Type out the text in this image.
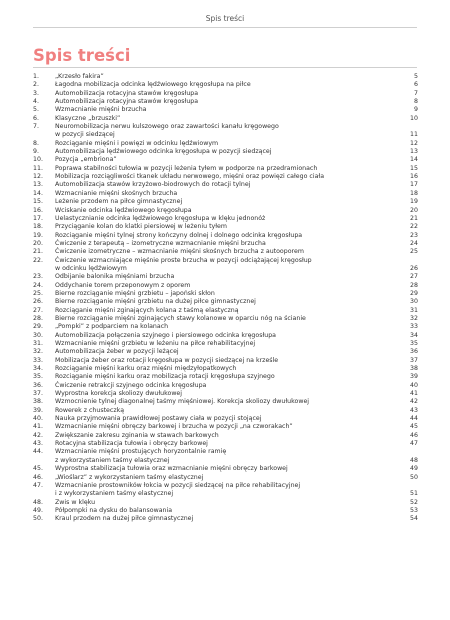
Spis treści
Spis treści
1.	„Krzesło fakira”	5
2.	Łagodna mobilizacja odcinka lędźwiowego kręgosłupa na piłce	6
3.	Automobilizacja rotacyjna stawów kręgosłupa	7
4.	Automobilizacja rotacyjna stawów kręgosłupa	8
5.	Wzmacnianie mięśni brzucha	9
6.	Klasyczne „brzuszki”	10
7.	Neuromobilizacja nerwu kulszowego oraz zawartości kanału kręgowego
w pozycji siedzącej	11
8.	Rozciąganie mięśni i powięzi w odcinku lędźwiowym	12
9.	Automobilizacja lędźwiowego odcinka kręgosłupa w pozycji siedzącej	13
10.	Pozycja „embriona”	14
11.	Poprawa stabilności tułowia w pozycji leżenia tyłem w podporze na przedramionach	15
12.	Mobilizacja rozciągliwości tkanek układu nerwowego, mięśni oraz powięzi całego ciała	16
13.	Automobilizacja stawów krzyżowo-biodrowych do rotacji tylnej	17
14.	Wzmacnianie mięśni skośnych brzucha	18
15.	Leżenie przodem na piłce gimnastycznej	19
16.	Wciskanie odcinka lędźwiowego kręgosłupa	20
17.	Uelastycznianie odcinka lędźwiowego kręgosłupa w klęku jednonóż	21
18.	Przyciąganie kolan do klatki piersiowej w leżeniu tyłem	22
19.	Rozciąganie mięśni tylnej strony kończyny dolnej i dolnego odcinka kręgosłupa	23
20.	Ćwiczenie z terapeutą – izometryczne wzmacnianie mięśni brzucha	24
21.	Ćwiczenie izometryczne – wzmacnianie mięśni skośnych brzucha z autooporem	25
22.	Ćwiczenie wzmacniające mięśnie proste brzucha w pozycji odciążającej kręgosłup
w odcinku lędźwiowym	26
23.	Odbijanie balonika mięśniami brzucha	27
24.	Oddychanie torem przeponowym z oporem	28
25.	Bierne rozciąganie mięśni grzbietu – japoński skłon	29
26.	Bierne rozciąganie mięśni grzbietu na dużej piłce gimnastycznej	30
27.	Rozciąganie mięśni zginających kolana z taśmą elastyczną	31
28.	Bierne rozciąganie mięśni zginających stawy kolanowe w oparciu nóg na ścianie	32
29.	„Pompki” z podparciem na kolanach	33
30.	Automobilizacja połączenia szyjnego i piersiowego odcinka kręgosłupa	34
31.	Wzmacnianie mięśni grzbietu w leżeniu na piłce rehabilitacyjnej	35
32.	Automobilizacja żeber w pozycji leżącej	36
33.	Mobilizacja żeber oraz rotacji kręgosłupa w pozycji siedzącej na krześle	37
34.	Rozciąganie mięśni karku oraz mięśni międzyłopatkowych	38
35.	Rozciąganie mięśni karku oraz mobilizacja rotacji kręgosłupa szyjnego	39
36.	Ćwiczenie retrakcji szyjnego odcinka kręgosłupa	40
37.	Wyprostna korekcja skoliozy dwułukowej	41
38.	Wzmocnienie tylnej diagonalnej taśmy mięśniowej. Korekcja skoliozy dwułukowej	42
39.	Rowerek z chusteczką	43
40.	Nauka przyjmowania prawidłowej postawy ciała w pozycji stojącej	44
41.	Wzmacnianie mięśni obręczy barkowej i brzucha w pozycji „na czworakach”	45
42.	Zwiększanie zakresu zginania w stawach barkowych	46
43.	Rotacyjna stabilizacja tułowia i obręczy barkowej	47
44.	Wzmacnianie mięśni prostujących horyzontalnie ramię
z wykorzystaniem taśmy elastycznej	48
45.	Wyprostna stabilizacja tułowia oraz wzmacnianie mięśni obręczy barkowej	49
46.	„Wioślarz” z wykorzystaniem taśmy elastycznej	50
47.	Wzmacnianie prostowników łokcia w pozycji siedzącej na piłce rehabilitacyjnej
i z wykorzystaniem taśmy elastycznej	51
48.	Zwis w klęku	52
49.	Półpompki na dysku do balansowania	53
50.	Kraul przodem na dużej piłce gimnastycznej	54
